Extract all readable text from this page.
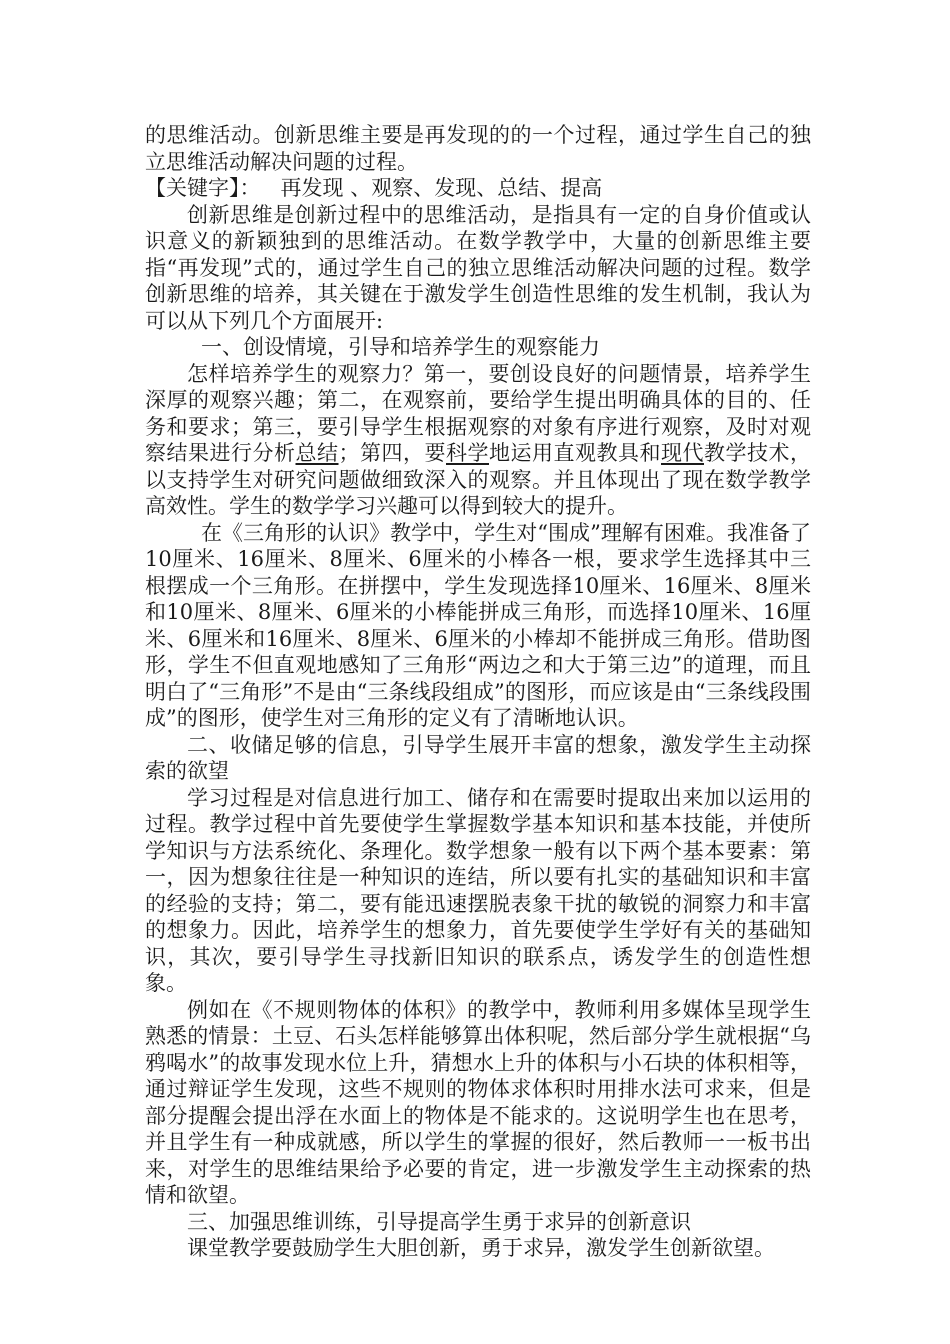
的思维活动。创新思维主要是再发现的的一个过程，通过学生自己的独立思维活动解决问题的过程。

【关键字】：   再发现 、观察、发现、总结、提高

创新思维是创新过程中的思维活动，是指具有一定的自身价值或认识意义的新颖独到的思维活动。在数学教学中，大量的创新思维主要指“再发现”式的，通过学生自己的独立思维活动解决问题的过程。数学创新思维的培养，其关键在于激发学生创造性思维的发生机制，我认为可以从下列几个方面展开:

一、创设情境，引导和培养学生的观察能力

怎样培养学生的观察力？第一，要创设良好的问题情景，培养学生深厚的观察兴趣；第二，在观察前，要给学生提出明确具体的目的、任务和要求；第三，要引导学生根据观察的对象有序进行观察，及时对观察结果进行分析总结；第四，要科学地运用直观教具和现代教学技术，以支持学生对研究问题做细致深入的观察。并且体现出了现在数学教学高效性。学生的数学学习兴趣可以得到较大的提升。

在《三角形的认识》教学中，学生对“围成”理解有困难。我准备了10厘米、16厘米、8厘米、6厘米的小棒各一根，要求学生选择其中三根摆成一个三角形。在拼摆中，学生发现选择10厘米、16厘米、8厘米和10厘米、8厘米、6厘米的小棒能拼成三角形，而选择10厘米、16厘米、6厘米和16厘米、8厘米、6厘米的小棒却不能拼成三角形。借助图形，学生不但直观地感知了三角形“两边之和大于第三边”的道理，而且明白了“三角形”不是由“三条线段组成”的图形，而应该是由“三条线段围成”的图形，使学生对三角形的定义有了清晰地认识。

二、收储足够的信息，引导学生展开丰富的想象，激发学生主动探索的欲望

学习过程是对信息进行加工、储存和在需要时提取出来加以运用的过程。教学过程中首先要使学生掌握数学基本知识和基本技能，并使所学知识与方法系统化、条理化。数学想象一般有以下两个基本要素：第一，因为想象往往是一种知识的连结，所以要有扎实的基础知识和丰富的经验的支持；第二，要有能迅速摆脱表象干扰的敏锐的洞察力和丰富的想象力。因此，培养学生的想象力，首先要使学生学好有关的基础知识，其次，要引导学生寻找新旧知识的联系点，诱发学生的创造性想象。

例如在《不规则物体的体积》的教学中，教师利用多媒体呈现学生熟悉的情景：土豆、石头怎样能够算出体积呢，然后部分学生就根据“乌鸦喝水”的故事发现水位上升，猜想水上升的体积与小石块的体积相等，通过辩证学生发现，这些不规则的物体求体积时用排水法可求来，但是部分提醒会提出浮在水面上的物体是不能求的。这说明学生也在思考，并且学生有一种成就感，所以学生的掌握的很好，然后教师一一板书出来，对学生的思维结果给予必要的肯定，进一步激发学生主动探索的热情和欲望。

三、加强思维训练，引导提高学生勇于求异的创新意识

课堂教学要鼓励学生大胆创新，勇于求异，激发学生创新欲望。
